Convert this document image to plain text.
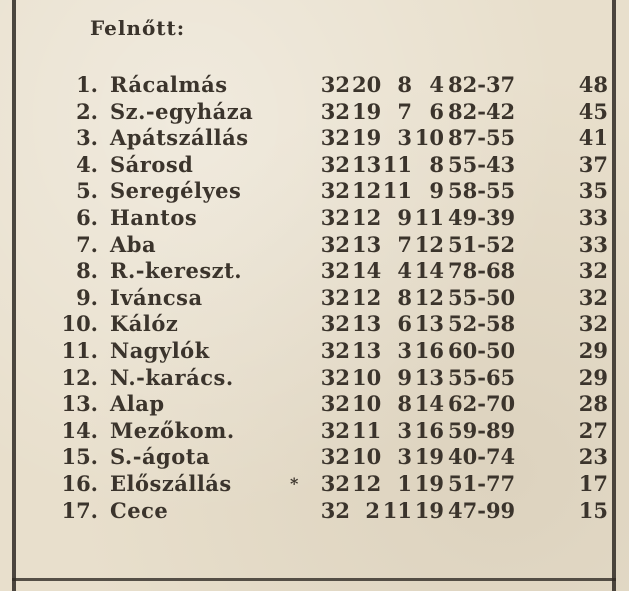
Felnőtt:
1. Rácalmás	32 20 8 4 82-37	48
2. Sz.-egyháza	32 19 7 6 82-42	45
3. Apátszállás	32 19 3 10 87-55	41
4. Sárosd	32 13 11 8 55-43	37
5. Seregélyes	32 12 11 9 58-55	35
6. Hantos	32 12 9 11 49-39	33
7. Aba	32 13 7 12 51-52	33
8. R.-kereszt.	32 14 4 14 78-68	32
9. Iváncsa	32 12 8 12 55-50	32
10. Kálóz	32 13 6 13 52-58	32
11. Nagylók	32 13 3 16 60-50	29
12. N.-karács.	32 10 9 13 55-65	29
13. Alap	32 10 8 14 62-70	28
14. Mezőkom.	32 11 3 16 59-89	27
15. S.-ágota	32 10 3 19 40-74	23
16. Előszállás	* 32 12 1 19 51-77	17
17. Cece	32 2 11 19 47-99	15
